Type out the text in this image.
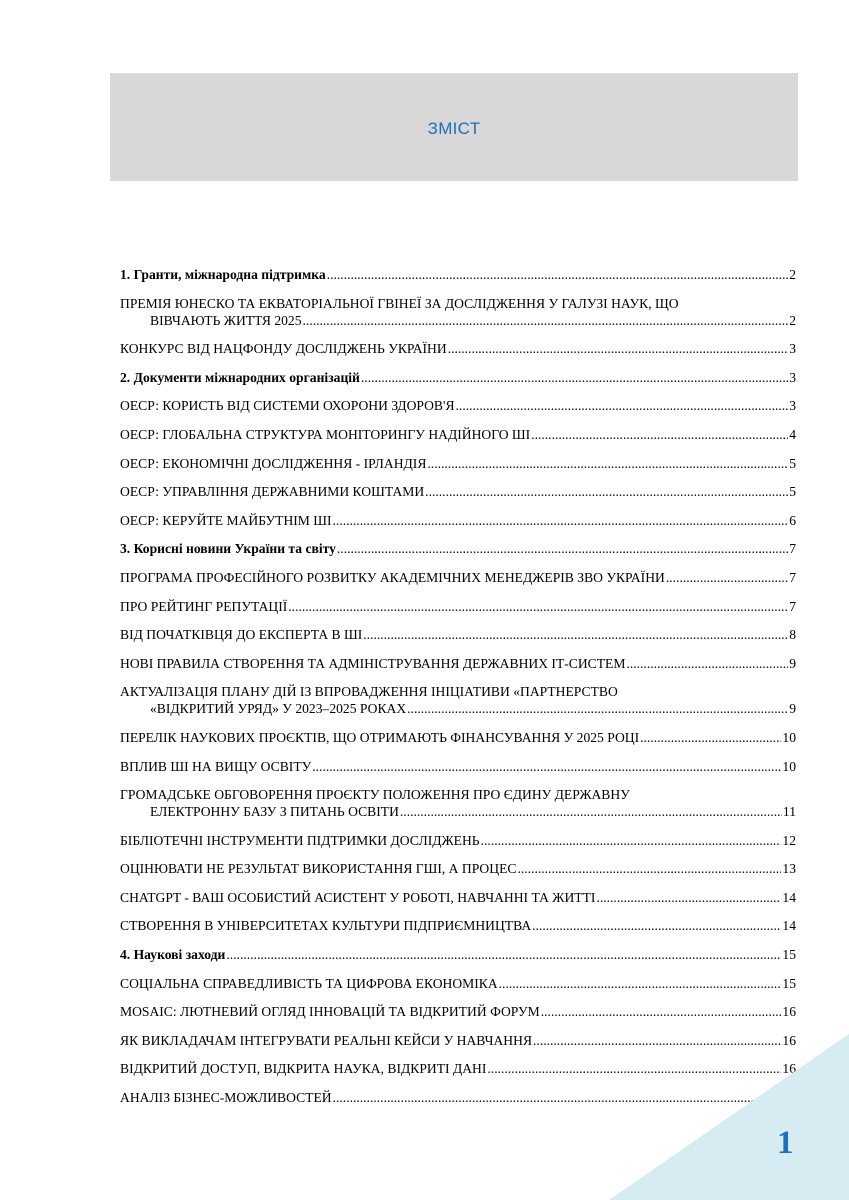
ЗМІСТ
1. Гранти, міжнародна підтримка .....	2
ПРЕМІЯ ЮНЕСКО ТА ЕКВАТОРІАЛЬНОЇ ГВІНЕЇ ЗА ДОСЛІДЖЕННЯ У ГАЛУЗІ НАУК, ЩО
ВІВЧАЮТЬ ЖИТТЯ 2025 .....	2
КОНКУРС ВІД НАЦФОНДУ ДОСЛІДЖЕНЬ УКРАЇНИ .....	3
2. Документи міжнародних організацій .....	3
ОЕСР: КОРИСТЬ ВІД СИСТЕМИ ОХОРОНИ ЗДОРОВ'Я .....	3
ОЕСР: ГЛОБАЛЬНА СТРУКТУРА МОНІТОРИНГУ НАДІЙНОГО ШІ .....	4
ОЕСР: ЕКОНОМІЧНІ ДОСЛІДЖЕННЯ - ІРЛАНДІЯ .....	5
ОЕСР: УПРАВЛІННЯ ДЕРЖАВНИМИ КОШТАМИ .....	5
ОЕСР: КЕРУЙТЕ МАЙБУТНІМ ШІ .....	6
3. Корисні новини України та світу .....	7
ПРОГРАМА ПРОФЕСІЙНОГО РОЗВИТКУ АКАДЕМІЧНИХ МЕНЕДЖЕРІВ ЗВО УКРАЇНИ .....	7
ПРО РЕЙТИНГ РЕПУТАЦІЇ .....	7
ВІД ПОЧАТКІВЦЯ ДО ЕКСПЕРТА В ШІ .....	8
НОВІ ПРАВИЛА СТВОРЕННЯ ТА АДМІНІСТРУВАННЯ ДЕРЖАВНИХ ІТ-СИСТЕМ .....	9
АКТУАЛІЗАЦІЯ ПЛАНУ ДІЙ ІЗ ВПРОВАДЖЕННЯ ІНІЦІАТИВИ «ПАРТНЕРСТВО
«ВІДКРИТИЙ УРЯД» У 2023–2025 РОКАХ .....	9
ПЕРЕЛІК НАУКОВИХ ПРОЄКТІВ, ЩО ОТРИМАЮТЬ ФІНАНСУВАННЯ У 2025 РОЦІ .....	10
ВПЛИВ ШІ НА ВИЩУ ОСВІТУ .....	10
ГРОМАДСЬКЕ ОБГОВОРЕННЯ ПРОЄКТУ ПОЛОЖЕННЯ ПРО ЄДИНУ ДЕРЖАВНУ
ЕЛЕКТРОННУ БАЗУ З ПИТАНЬ ОСВІТИ .....	11
БІБЛІОТЕЧНІ ІНСТРУМЕНТИ ПІДТРИМКИ ДОСЛІДЖЕНЬ .....	12
ОЦІНЮВАТИ НЕ РЕЗУЛЬТАТ ВИКОРИСТАННЯ ГШІ, А ПРОЦЕС .....	13
CHATGPT - ВАШ ОСОБИСТИЙ АСИСТЕНТ У РОБОТІ, НАВЧАННІ ТА ЖИТТІ .....	14
СТВОРЕННЯ В УНІВЕРСИТЕТАХ КУЛЬТУРИ ПІДПРИЄМНИЦТВА .....	14
4. Наукові заходи .....	15
СОЦІАЛЬНА СПРАВЕДЛИВІСТЬ ТА ЦИФРОВА ЕКОНОМІКА .....	15
MOSAIC: ЛЮТНЕВИЙ ОГЛЯД ІННОВАЦІЙ ТА ВІДКРИТИЙ ФОРУМ .....	16
ЯК ВИКЛАДАЧАМ ІНТЕГРУВАТИ РЕАЛЬНІ КЕЙСИ У НАВЧАННЯ .....	16
ВІДКРИТИЙ ДОСТУП, ВІДКРИТА НАУКА, ВІДКРИТІ ДАНІ .....	16
АНАЛІЗ БІЗНЕС-МОЖЛИВОСТЕЙ
.....
1
